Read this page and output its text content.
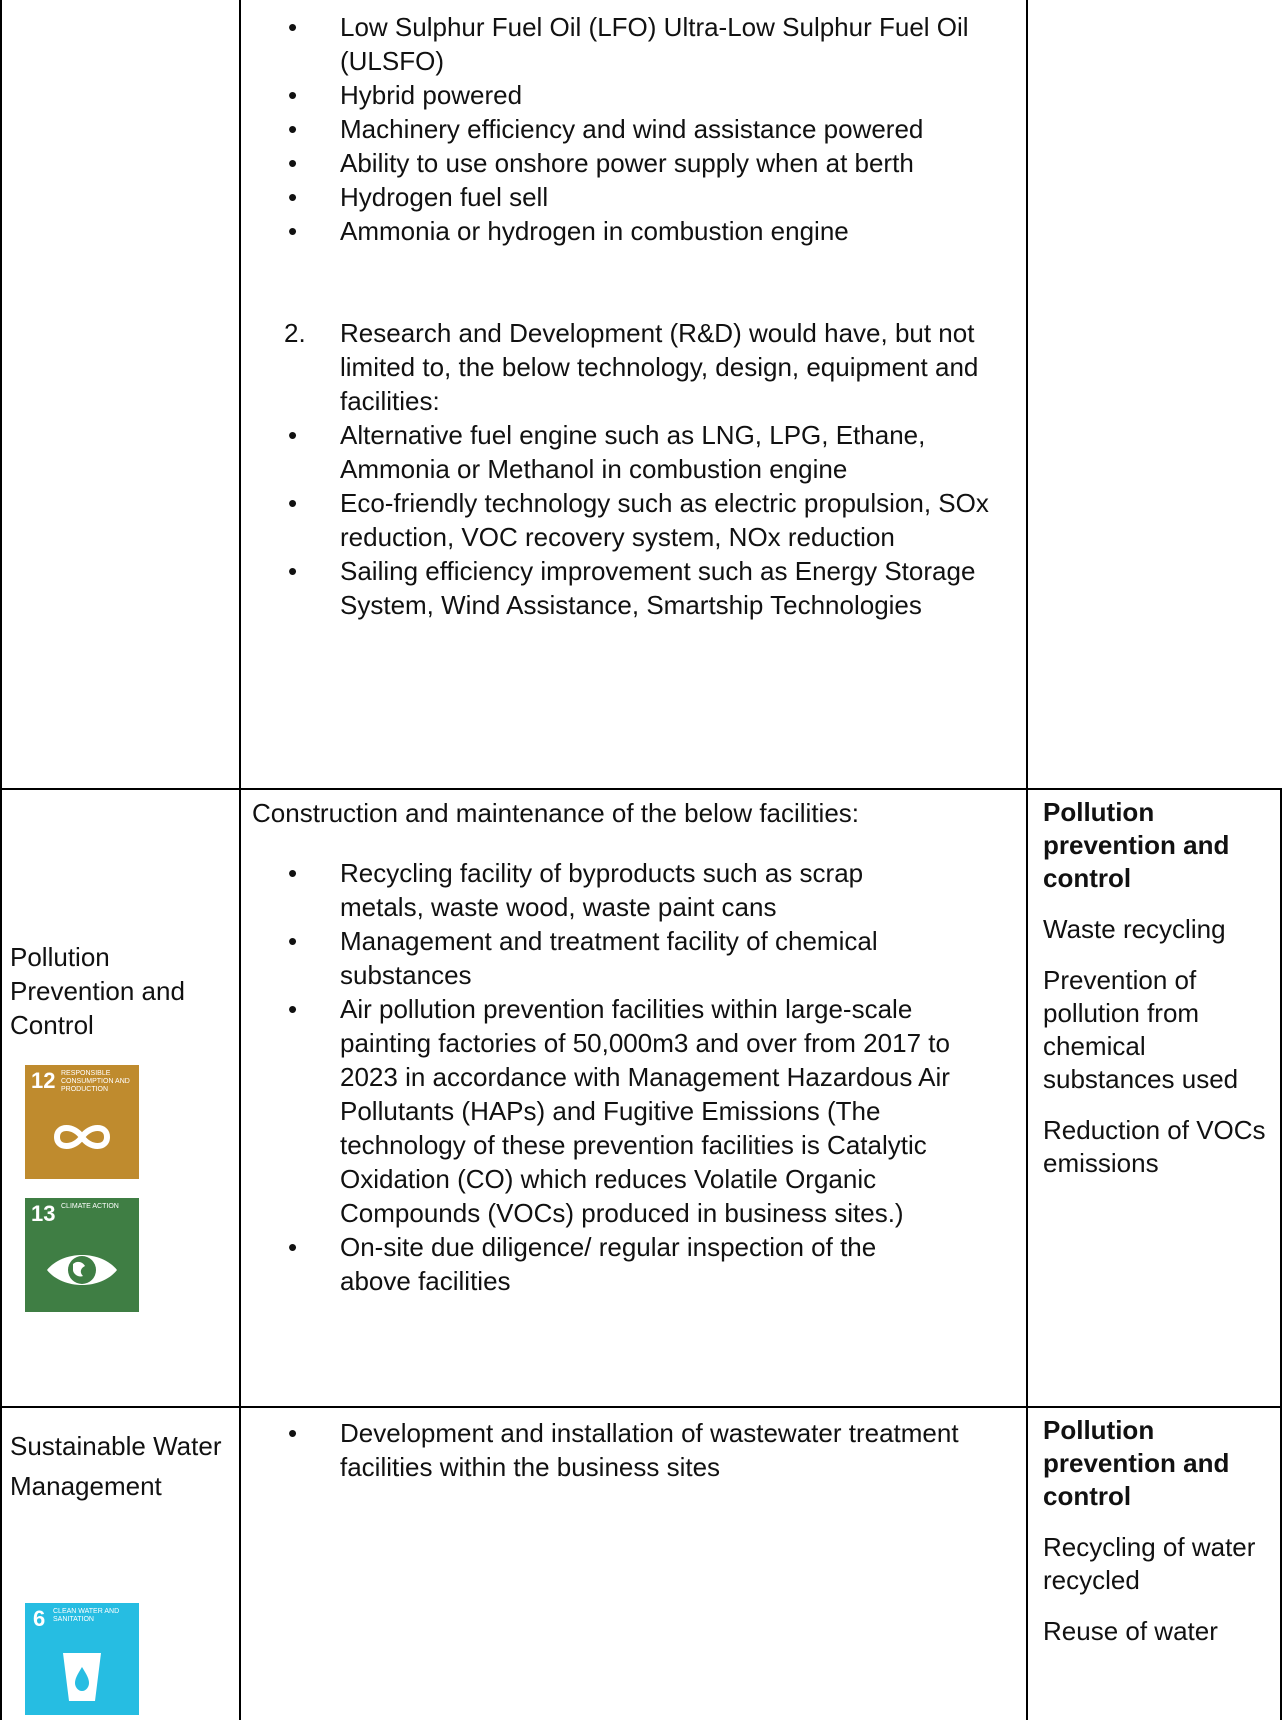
• Low Sulphur Fuel Oil (LFO) Ultra-Low Sulphur Fuel Oil (ULSFO)
• Hybrid powered
• Machinery efficiency and wind assistance powered
• Ability to use onshore power supply when at berth
• Hydrogen fuel sell
• Ammonia or hydrogen in combustion engine
2. Research and Development (R&D) would have, but not limited to, the below technology, design, equipment and facilities:
• Alternative fuel engine such as LNG, LPG, Ethane, Ammonia or Methanol in combustion engine
• Eco-friendly technology such as electric propulsion, SOx reduction, VOC recovery system, NOx reduction
• Sailing efficiency improvement such as Energy Storage System, Wind Assistance, Smartship Technologies
Pollution Prevention and Control
12 RESPONSIBLE CONSUMPTION AND PRODUCTION
13 CLIMATE ACTION
Construction and maintenance of the below facilities:
• Recycling facility of byproducts such as scrap metals, waste wood, waste paint cans
• Management and treatment facility of chemical substances
• Air pollution prevention facilities within large-scale painting factories of 50,000m3 and over from 2017 to 2023 in accordance with Management Hazardous Air Pollutants (HAPs) and Fugitive Emissions (The technology of these prevention facilities is Catalytic Oxidation (CO) which reduces Volatile Organic Compounds (VOCs) produced in business sites.)
• On-site due diligence/ regular inspection of the above facilities
Pollution prevention and control
Waste recycling
Prevention of pollution from chemical substances used
Reduction of VOCs emissions
Sustainable Water Management
6 CLEAN WATER AND SANITATION
• Development and installation of wastewater treatment facilities within the business sites
Pollution prevention and control
Recycling of water recycled
Reuse of water
